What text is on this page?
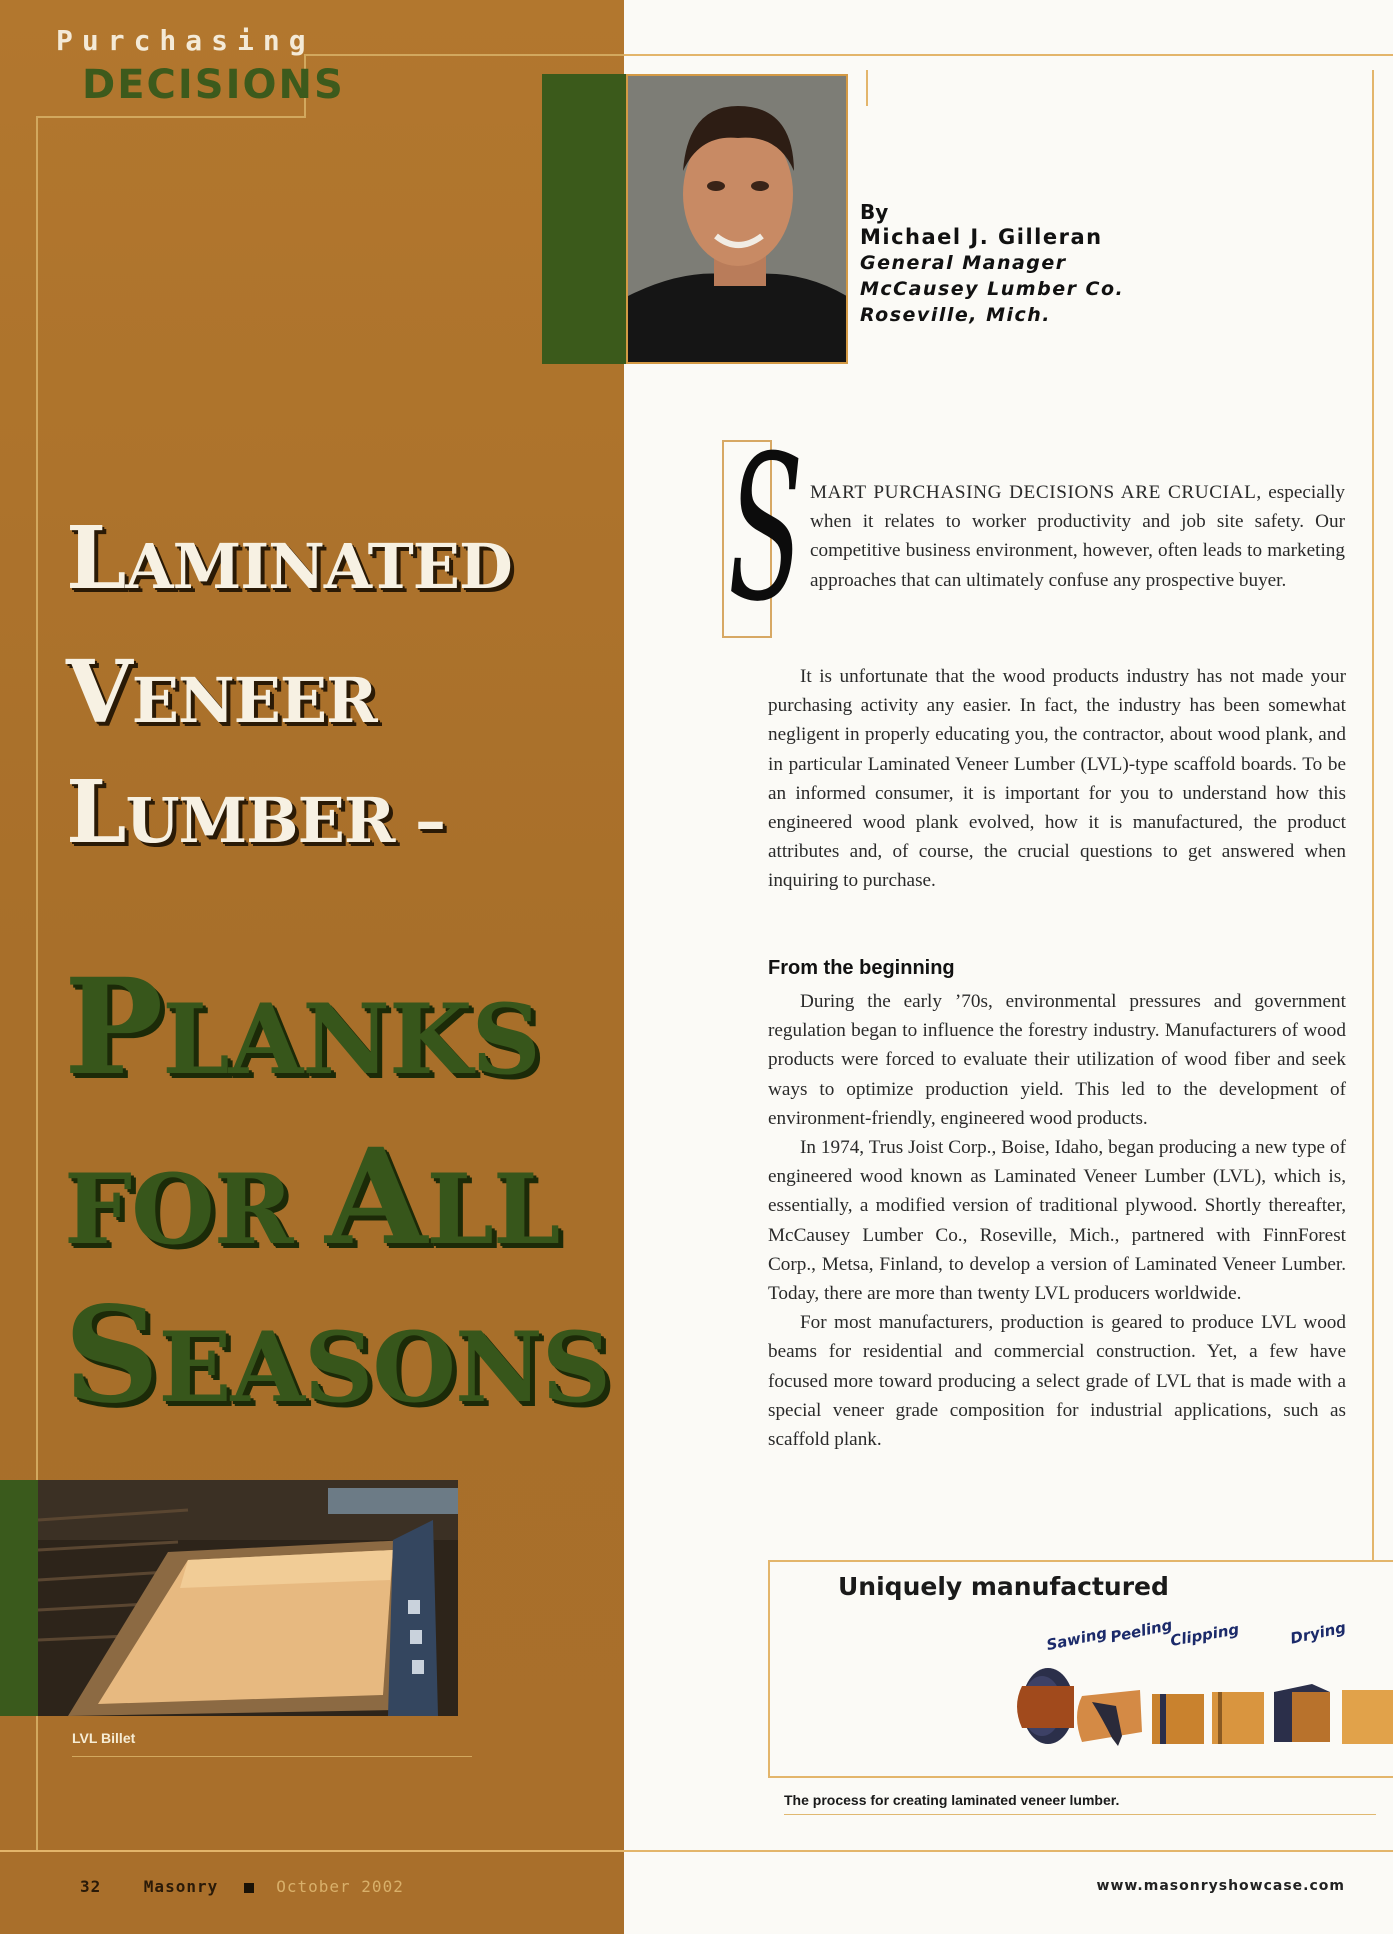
Purchasing
DECISIONS
LAMINATED
VENEER
LUMBER –
PLANKS
FOR ALL
SEASONS
LVL Billet
By
Michael J. Gilleran
General Manager
McCausey Lumber Co.
Roseville, Mich.
S MART PURCHASING DECISIONS ARE CRUCIAL, especially when it relates to worker productivity and job site safety. Our competitive business environment, however, often leads to marketing approaches that can ultimately confuse any prospective buyer.

It is unfortunate that the wood products industry has not made your purchasing activity any easier. In fact, the industry has been somewhat negligent in properly educating you, the contractor, about wood plank, and in particular Laminated Veneer Lumber (LVL)-type scaffold boards. To be an informed consumer, it is important for you to understand how this engineered wood plank evolved, how it is manufactured, the product attributes and, of course, the crucial questions to get answered when inquiring to purchase.

From the beginning

During the early ’70s, environmental pressures and government regulation began to influence the forestry industry. Manufacturers of wood products were forced to evaluate their utilization of wood fiber and seek ways to optimize production yield. This led to the development of environment-friendly, engineered wood products.

In 1974, Trus Joist Corp., Boise, Idaho, began producing a new type of engineered wood known as Laminated Veneer Lumber (LVL), which is, essentially, a modified version of traditional plywood. Shortly thereafter, McCausey Lumber Co., Roseville, Mich., partnered with FinnForest Corp., Metsa, Finland, to develop a version of Laminated Veneer Lumber. Today, there are more than twenty LVL producers worldwide.

For most manufacturers, production is geared to produce LVL wood beams for residential and commercial construction. Yet, a few have focused more toward producing a select grade of LVL that is made with a special veneer grade composition for industrial applications, such as scaffold plank.

Uniquely manufactured
Sawing Peeling
Clipping	Drying
The process for creating laminated veneer lumber.
32	Masonry	October 2002	www.masonryshowcase.com
